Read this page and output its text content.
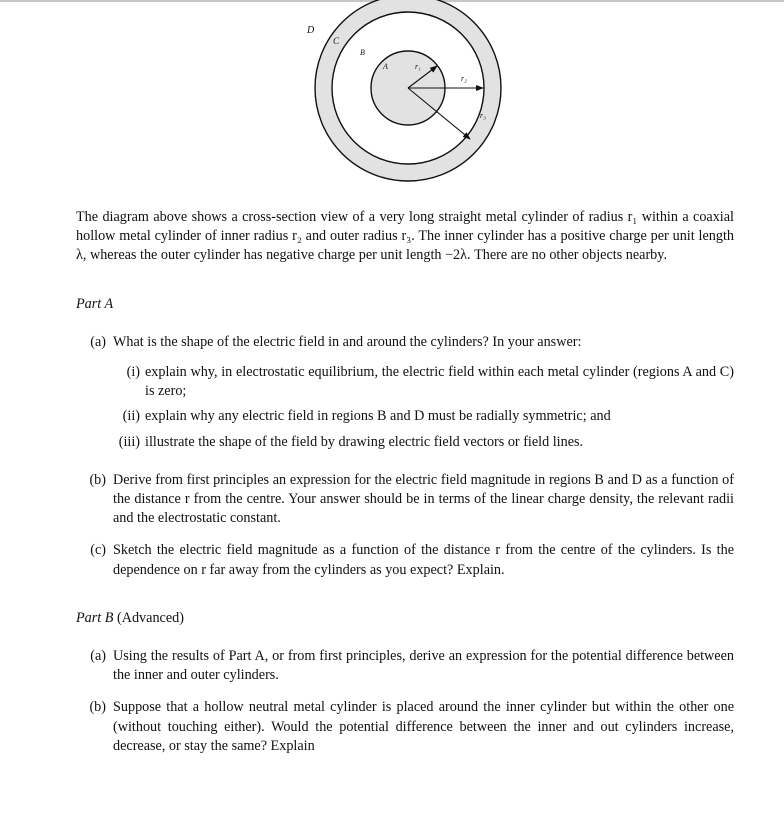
D
C
B
A	r₁
r₂
r₃

The diagram above shows a cross-section view of a very long straight metal cylinder of radius r₁ within a coaxial hollow metal cylinder of inner radius r₂ and outer radius r₃. The inner cylinder has a positive charge per unit length λ, whereas the outer cylinder has negative charge per unit length −2λ. There are no other objects nearby.

Part A

(a) What is the shape of the electric field in and around the cylinders? In your answer:

(i) explain why, in electrostatic equilibrium, the electric field within each metal cylinder (regions A and C) is zero;
(ii) explain why any electric field in regions B and D must be radially symmetric; and
(iii) illustrate the shape of the field by drawing electric field vectors or field lines.
(b) Derive from first principles an expression for the electric field magnitude in regions B and D as a function of the distance r from the centre. Your answer should be in terms of the linear charge density, the relevant radii and the electrostatic constant.
(c) Sketch the electric field magnitude as a function of the distance r from the centre of the cylinders. Is the dependence on r far away from the cylinders as you expect? Explain.

Part B (Advanced)

(a) Using the results of Part A, or from first principles, derive an expression for the potential difference between the inner and outer cylinders.
(b) Suppose that a hollow neutral metal cylinder is placed around the inner cylinder but within the other one (without touching either). Would the potential difference between the inner and out cylinders increase, decrease, or stay the same? Explain
